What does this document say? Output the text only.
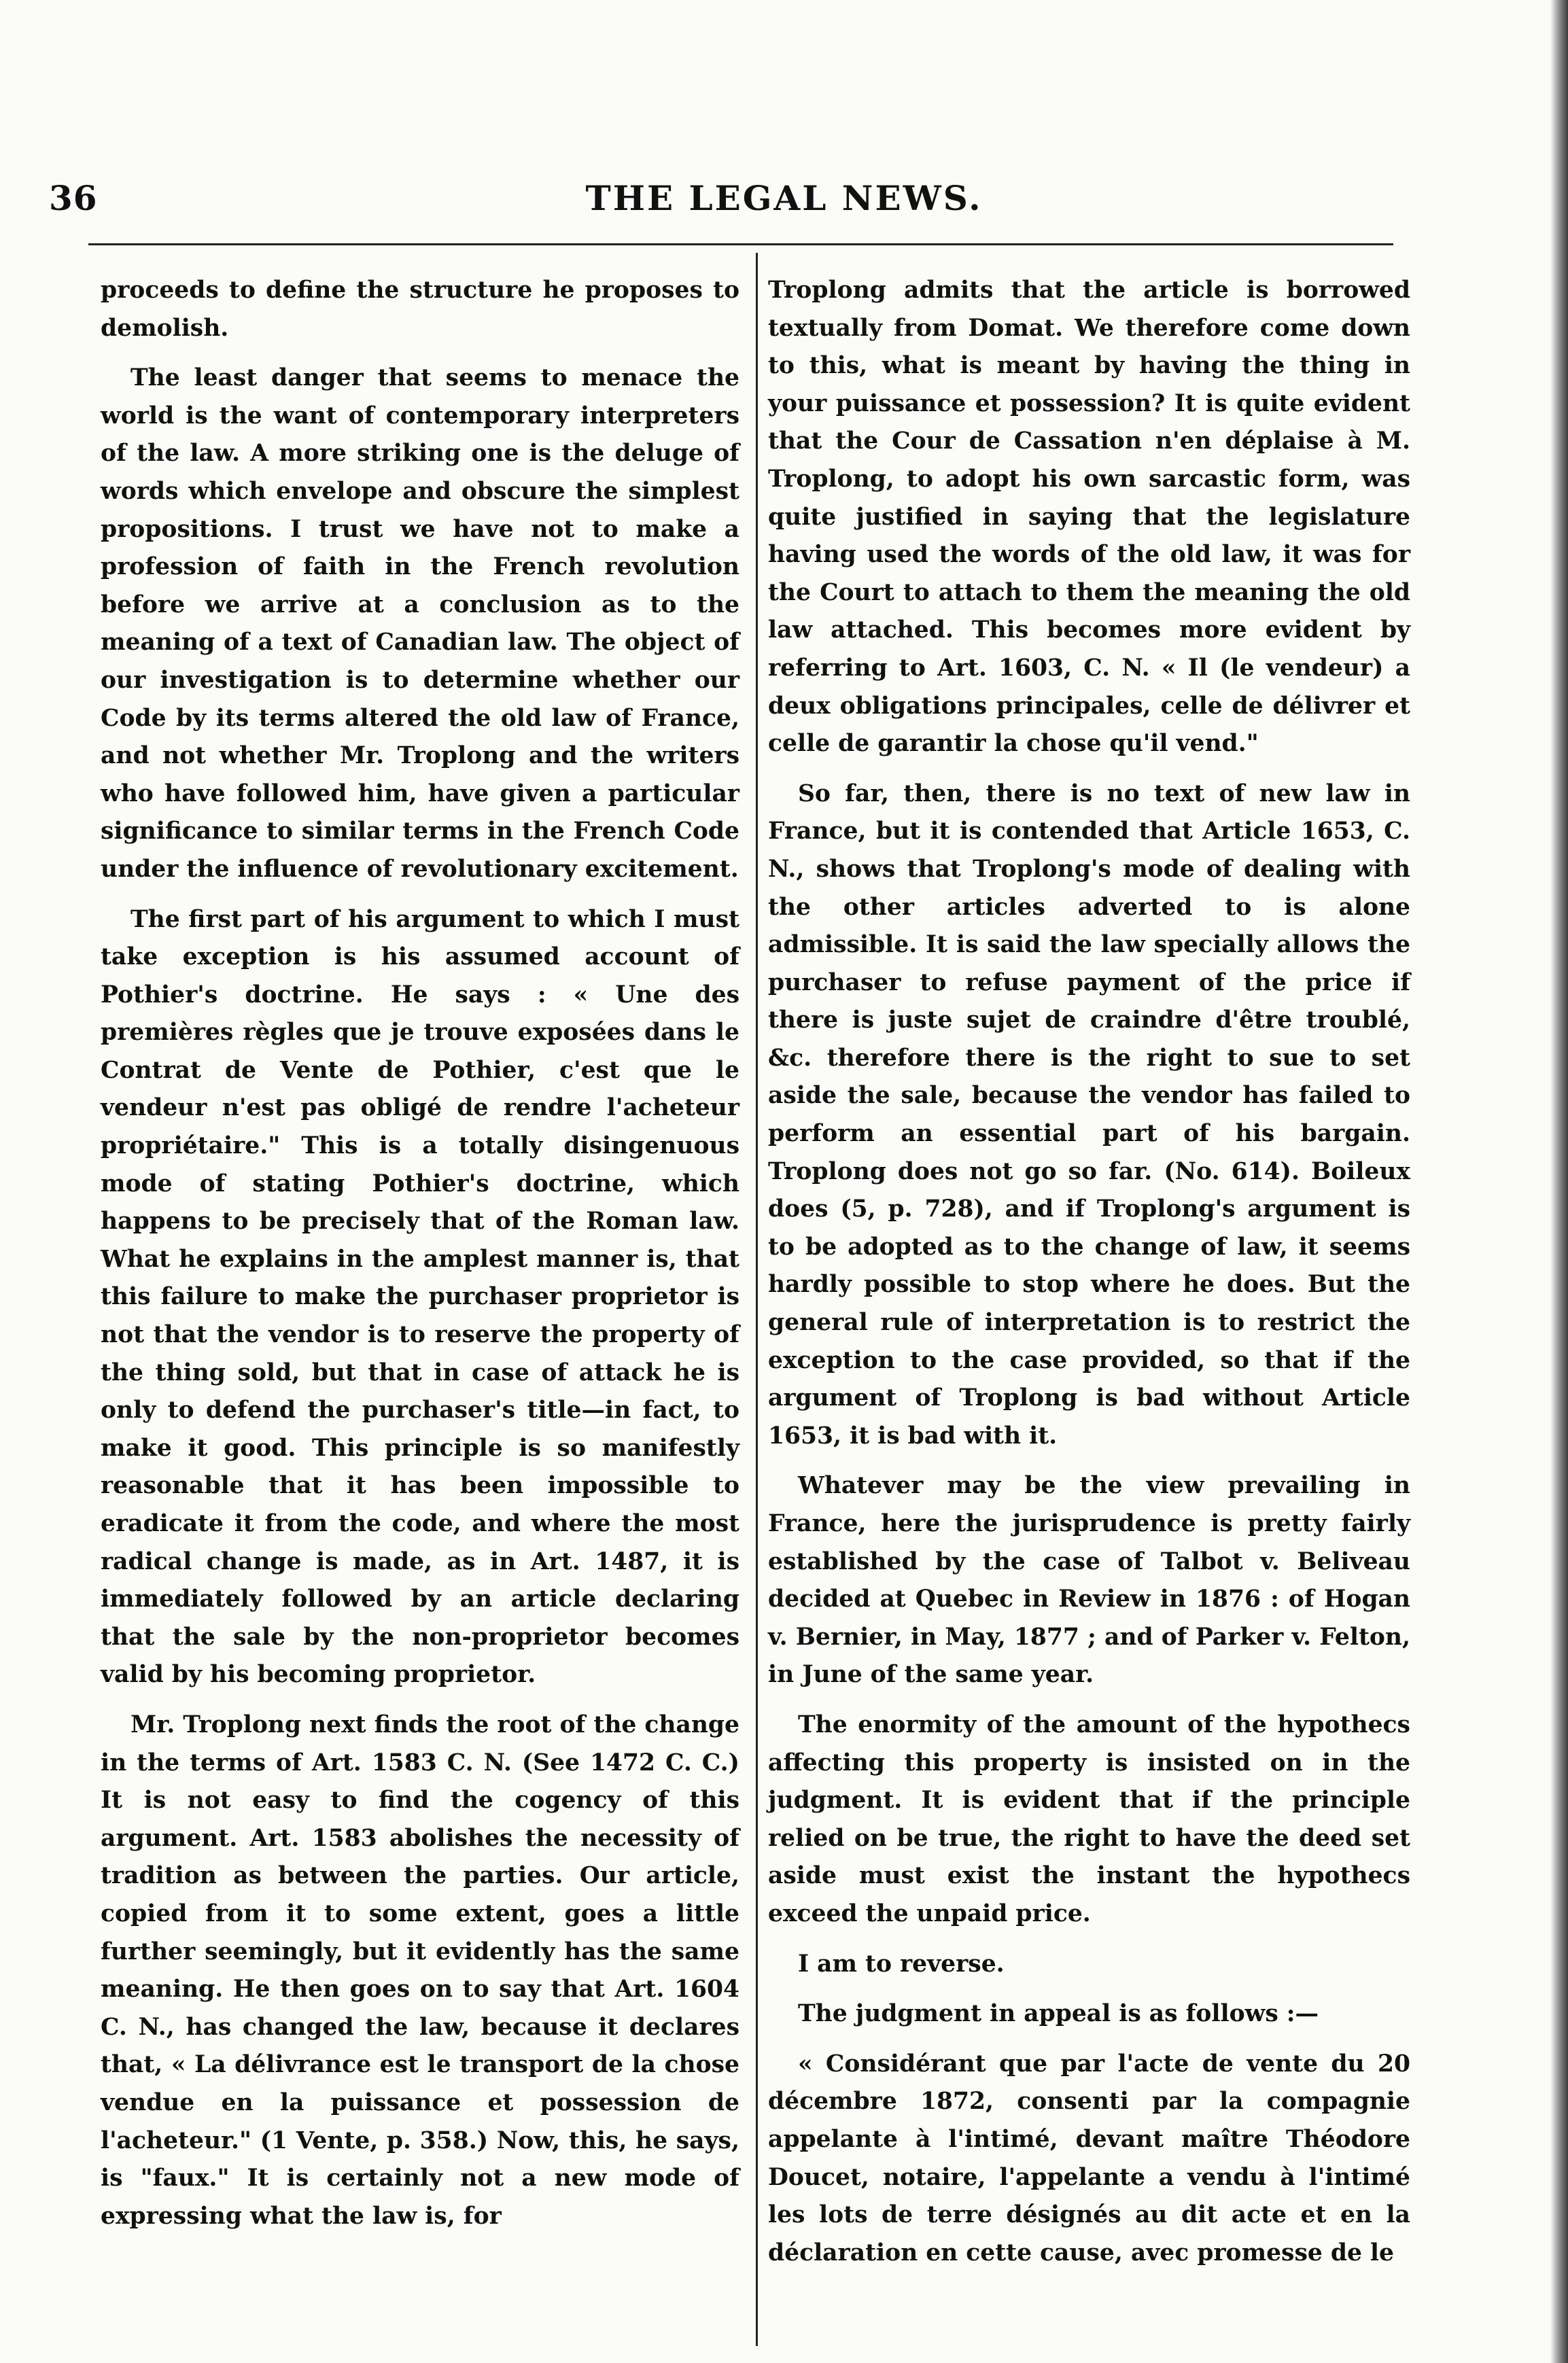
36	THE LEGAL NEWS.

proceeds to define the structure he proposes to demolish.

The least danger that seems to menace the world is the want of contemporary interpreters of the law. A more striking one is the deluge of words which envelope and obscure the simplest propositions. I trust we have not to make a profession of faith in the French revolution before we arrive at a conclusion as to the meaning of a text of Canadian law. The object of our investigation is to determine whether our Code by its terms altered the old law of France, and not whether Mr. Troplong and the writers who have followed him, have given a particular significance to similar terms in the French Code under the influence of revolutionary excitement.

The first part of his argument to which I must take exception is his assumed account of Pothier's doctrine. He says : « Une des premières règles que je trouve exposées dans le Contrat de Vente de Pothier, c'est que le vendeur n'est pas obligé de rendre l'acheteur propriétaire." This is a totally disingenuous mode of stating Pothier's doctrine, which happens to be precisely that of the Roman law. What he explains in the amplest manner is, that this failure to make the purchaser proprietor is not that the vendor is to reserve the property of the thing sold, but that in case of attack he is only to defend the purchaser's title—in fact, to make it good. This principle is so manifestly reasonable that it has been impossible to eradicate it from the code, and where the most radical change is made, as in Art. 1487, it is immediately followed by an article declaring that the sale by the non-proprietor becomes valid by his becoming proprietor.

Mr. Troplong next finds the root of the change in the terms of Art. 1583 C. N. (See 1472 C. C.) It is not easy to find the cogency of this argument. Art. 1583 abolishes the necessity of tradition as between the parties. Our article, copied from it to some extent, goes a little further seemingly, but it evidently has the same meaning. He then goes on to say that Art. 1604 C. N., has changed the law, because it declares that, « La délivrance est le transport de la chose vendue en la puissance et possession de l'acheteur." (1 Vente, p. 358.) Now, this, he says, is "faux." It is certainly not a new mode of expressing what the law is, for

Troplong admits that the article is borrowed textually from Domat. We therefore come down to this, what is meant by having the thing in your puissance et possession? It is quite evident that the Cour de Cassation n'en déplaise à M. Troplong, to adopt his own sarcastic form, was quite justified in saying that the legislature having used the words of the old law, it was for the Court to attach to them the meaning the old law attached. This becomes more evident by referring to Art. 1603, C. N. « Il (le vendeur) a deux obligations principales, celle de délivrer et celle de garantir la chose qu'il vend."

So far, then, there is no text of new law in France, but it is contended that Article 1653, C. N., shows that Troplong's mode of dealing with the other articles adverted to is alone admissible. It is said the law specially allows the purchaser to refuse payment of the price if there is juste sujet de craindre d'être troublé, &c. therefore there is the right to sue to set aside the sale, because the vendor has failed to perform an essential part of his bargain. Troplong does not go so far. (No. 614). Boileux does (5, p. 728), and if Troplong's argument is to be adopted as to the change of law, it seems hardly possible to stop where he does. But the general rule of interpretation is to restrict the exception to the case provided, so that if the argument of Troplong is bad without Article 1653, it is bad with it.

Whatever may be the view prevailing in France, here the jurisprudence is pretty fairly established by the case of Talbot v. Beliveau decided at Quebec in Review in 1876 : of Hogan v. Bernier, in May, 1877 ; and of Parker v. Felton, in June of the same year.

The enormity of the amount of the hypothecs affecting this property is insisted on in the judgment. It is evident that if the principle relied on be true, the right to have the deed set aside must exist the instant the hypothecs exceed the unpaid price.

I am to reverse.

The judgment in appeal is as follows :—

« Considérant que par l'acte de vente du 20 décembre 1872, consenti par la compagnie appelante à l'intimé, devant maître Théodore Doucet, notaire, l'appelante a vendu à l'intimé les lots de terre désignés au dit acte et en la déclaration en cette cause, avec promesse de le
